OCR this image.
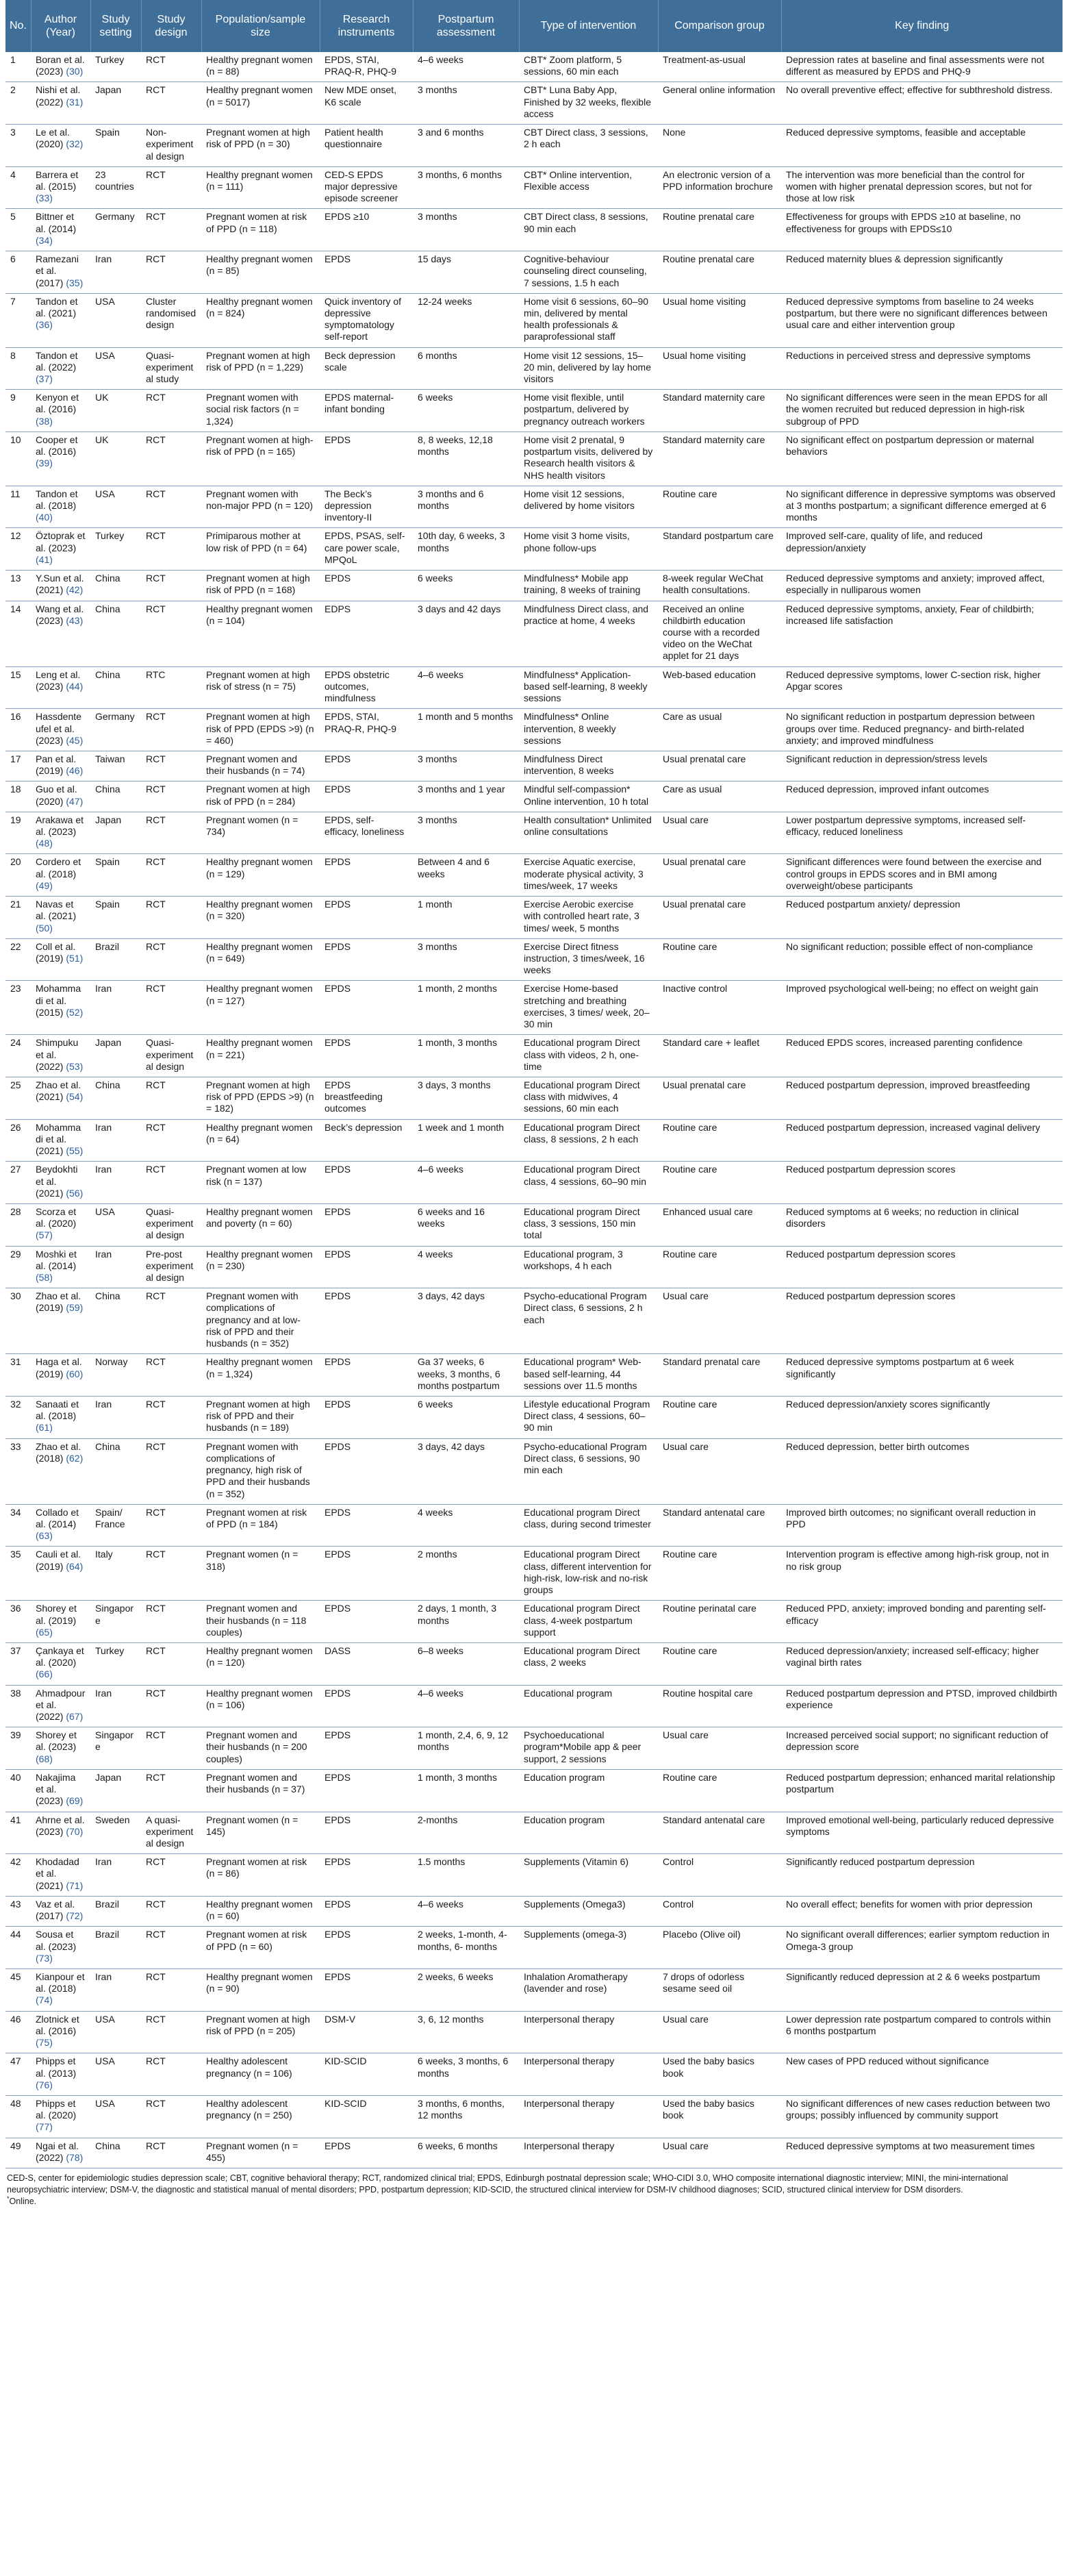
No.	Author (Year)	Study setting	Study design	Population/sample size	Research instruments	Postpartum assessment	Type of intervention	Comparison group	Key finding
1	Boran et al. (2023) (30)	Turkey	RCT	Healthy pregnant women (n = 88)	EPDS, STAI, PRAQ-R, PHQ-9	4–6 weeks	CBT* Zoom platform, 5 sessions, 60 min each	Treatment-as-usual	Depression rates at baseline and final assessments were not different as measured by EPDS and PHQ-9
2	Nishi et al. (2022) (31)	Japan	RCT	Healthy pregnant women (n = 5017)	New MDE onset, K6 scale	3 months	CBT* Luna Baby App, Finished by 32 weeks, flexible access	General online information	No overall preventive effect; effective for subthreshold distress.
3	Le et al. (2020) (32)	Spain	Non-experimental design	Pregnant women at high risk of PPD (n = 30)	Patient health questionnaire	3 and 6 months	CBT Direct class, 3 sessions, 2 h each	None	Reduced depressive symptoms, feasible and acceptable
4	Barrera et al. (2015) (33)	23 countries	RCT	Healthy pregnant women (n = 111)	CED-S EPDS major depressive episode screener	3 months, 6 months	CBT* Online intervention, Flexible access	An electronic version of a PPD information brochure	The intervention was more beneficial than the control for women with higher prenatal depression scores, but not for those at low risk
5	Bittner et al. (2014) (34)	Germany	RCT	Pregnant women at risk of PPD (n = 118)	EPDS ≥10	3 months	CBT Direct class, 8 sessions, 90 min each	Routine prenatal care	Effectiveness for groups with EPDS ≥10 at baseline, no effectiveness for groups with EPDS≤10
6	Ramezani et al. (2017) (35)	Iran	RCT	Healthy pregnant women (n = 85)	EPDS	15 days	Cognitive-behaviour counseling direct counseling, 7 sessions, 1.5 h each	Routine prenatal care	Reduced maternity blues & depression significantly
7	Tandon et al. (2021) (36)	USA	Cluster randomised design	Healthy pregnant women (n = 824)	Quick inventory of depressive symptomatology self-report	12-24 weeks	Home visit 6 sessions, 60–90 min, delivered by mental health professionals & paraprofessional staff	Usual home visiting	Reduced depressive symptoms from baseline to 24 weeks postpartum, but there were no significant differences between usual care and either intervention group
8	Tandon et al. (2022) (37)	USA	Quasi-experimental study	Pregnant women at high risk of PPD (n = 1,229)	Beck depression scale	6 months	Home visit 12 sessions, 15–20 min, delivered by lay home visitors	Usual home visiting	Reductions in perceived stress and depressive symptoms
9	Kenyon et al. (2016) (38)	UK	RCT	Pregnant women with social risk factors (n = 1,324)	EPDS maternal-infant bonding	6 weeks	Home visit flexible, until postpartum, delivered by pregnancy outreach workers	Standard maternity care	No significant differences were seen in the mean EPDS for all the women recruited but reduced depression in high-risk subgroup of PPD
10	Cooper et al. (2016) (39)	UK	RCT	Pregnant women at high-risk of PPD (n = 165)	EPDS	8, 8 weeks, 12,18 months	Home visit 2 prenatal, 9 postpartum visits, delivered by Research health visitors & NHS health visitors	Standard maternity care	No significant effect on postpartum depression or maternal behaviors
11	Tandon et al. (2018) (40)	USA	RCT	Pregnant women with non-major PPD (n = 120)	The Beck’s depression inventory-II	3 months and 6 months	Home visit 12 sessions, delivered by home visitors	Routine care	No significant difference in depressive symptoms was observed at 3 months postpartum; a significant difference emerged at 6 months
12	Öztoprak et al. (2023) (41)	Turkey	RCT	Primiparous mother at low risk of PPD (n = 64)	EPDS, PSAS, self-care power scale, MPQoL	10th day, 6 weeks, 3 months	Home visit 3 home visits, phone follow-ups	Standard postpartum care	Improved self-care, quality of life, and reduced depression/anxiety
13	Y.Sun et al. (2021) (42)	China	RCT	Pregnant women at high risk of PPD (n = 168)	EPDS	6 weeks	Mindfulness* Mobile app training, 8 weeks of training	8-week regular WeChat health consultations.	Reduced depressive symptoms and anxiety; improved affect, especially in nulliparous women
14	Wang et al. (2023) (43)	China	RCT	Healthy pregnant women (n = 104)	EDPS	3 days and 42 days	Mindfulness Direct class, and practice at home, 4 weeks	Received an online childbirth education course with a recorded video on the WeChat applet for 21 days	Reduced depressive symptoms, anxiety, Fear of childbirth; increased life satisfaction
15	Leng et al. (2023) (44)	China	RTC	Pregnant women at high risk of stress (n = 75)	EPDS obstetric outcomes, mindfulness	4–6 weeks	Mindfulness* Application-based self-learning, 8 weekly sessions	Web-based education	Reduced depressive symptoms, lower C-section risk, higher Apgar scores
16	Hassdenteufel et al. (2023) (45)	Germany	RCT	Pregnant women at high risk of PPD (EPDS >9) (n = 460)	EPDS, STAI, PRAQ-R, PHQ-9	1 month and 5 months	Mindfulness* Online intervention, 8 weekly sessions	Care as usual	No significant reduction in postpartum depression between groups over time. Reduced pregnancy- and birth-related anxiety; and improved mindfulness
17	Pan et al. (2019) (46)	Taiwan	RCT	Pregnant women and their husbands (n = 74)	EPDS	3 months	Mindfulness Direct intervention, 8 weeks	Usual prenatal care	Significant reduction in depression/stress levels
18	Guo et al. (2020) (47)	China	RCT	Pregnant women at high risk of PPD (n = 284)	EPDS	3 months and 1 year	Mindful self-compassion* Online intervention, 10 h total	Care as usual	Reduced depression, improved infant outcomes
19	Arakawa et al. (2023) (48)	Japan	RCT	Pregnant women (n = 734)	EPDS, self-efficacy, loneliness	3 months	Health consultation* Unlimited online consultations	Usual care	Lower postpartum depressive symptoms, increased self-efficacy, reduced loneliness
20	Cordero et al. (2018) (49)	Spain	RCT	Healthy pregnant women (n = 129)	EPDS	Between 4 and 6 weeks	Exercise Aquatic exercise, moderate physical activity, 3 times/week, 17 weeks	Usual prenatal care	Significant differences were found between the exercise and control groups in EPDS scores and in BMI among overweight/obese participants
21	Navas et al. (2021) (50)	Spain	RCT	Healthy pregnant women (n = 320)	EPDS	1 month	Exercise Aerobic exercise with controlled heart rate, 3 times/ week, 5 months	Usual prenatal care	Reduced postpartum anxiety/ depression
22	Coll et al. (2019) (51)	Brazil	RCT	Healthy pregnant women (n = 649)	EPDS	3 months	Exercise Direct fitness instruction, 3 times/week, 16 weeks	Routine care	No significant reduction; possible effect of non-compliance
23	Mohammadi et al. (2015) (52)	Iran	RCT	Healthy pregnant women (n = 127)	EPDS	1 month, 2 months	Exercise Home-based stretching and breathing exercises, 3 times/ week, 20–30 min	Inactive control	Improved psychological well-being; no effect on weight gain
24	Shimpuku et al. (2022) (53)	Japan	Quasi-experimental design	Healthy pregnant women (n = 221)	EPDS	1 month, 3 months	Educational program Direct class with videos, 2 h, one-time	Standard care + leaflet	Reduced EPDS scores, increased parenting confidence
25	Zhao et al. (2021) (54)	China	RCT	Pregnant women at high risk of PPD (EPDS >9) (n = 182)	EPDS breastfeeding outcomes	3 days, 3 months	Educational program Direct class with midwives, 4 sessions, 60 min each	Usual prenatal care	Reduced postpartum depression, improved breastfeeding
26	Mohammadi et al. (2021) (55)	Iran	RCT	Healthy pregnant women (n = 64)	Beck’s depression	1 week and 1 month	Educational program Direct class, 8 sessions, 2 h each	Routine care	Reduced postpartum depression, increased vaginal delivery
27	Beydokhti et al. (2021) (56)	Iran	RCT	Pregnant women at low risk (n = 137)	EPDS	4–6 weeks	Educational program Direct class, 4 sessions, 60–90 min	Routine care	Reduced postpartum depression scores
28	Scorza et al. (2020) (57)	USA	Quasi-experimental design	Healthy pregnant women and poverty (n = 60)	EPDS	6 weeks and 16 weeks	Educational program Direct class, 3 sessions, 150 min total	Enhanced usual care	Reduced symptoms at 6 weeks; no reduction in clinical disorders
29	Moshki et al. (2014) (58)	Iran	Pre-post experimental design	Healthy pregnant women (n = 230)	EPDS	4 weeks	Educational program, 3 workshops, 4 h each	Routine care	Reduced postpartum depression scores
30	Zhao et al. (2019) (59)	China	RCT	Pregnant women with complications of pregnancy and at low- risk of PPD and their husbands (n = 352)	EPDS	3 days, 42 days	Psycho-educational Program Direct class, 6 sessions, 2 h each	Usual care	Reduced postpartum depression scores
31	Haga et al. (2019) (60)	Norway	RCT	Healthy pregnant women (n = 1,324)	EPDS	Ga 37 weeks, 6 weeks, 3 months, 6 months postpartum	Educational program* Web-based self-learning, 44 sessions over 11.5 months	Standard prenatal care	Reduced depressive symptoms postpartum at 6 week significantly
32	Sanaati et al. (2018) (61)	Iran	RCT	Pregnant women at high risk of PPD and their husbands (n = 189)	EPDS	6 weeks	Lifestyle educational Program Direct class, 4 sessions, 60–90 min	Routine care	Reduced depression/anxiety scores significantly
33	Zhao et al. (2018) (62)	China	RCT	Pregnant women with complications of pregnancy, high risk of PPD and their husbands (n = 352)	EPDS	3 days, 42 days	Psycho-educational Program Direct class, 6 sessions, 90 min each	Usual care	Reduced depression, better birth outcomes
34	Collado et al. (2014) (63)	Spain/ France	RCT	Pregnant women at risk of PPD (n = 184)	EPDS	4 weeks	Educational program Direct class, during second trimester	Standard antenatal care	Improved birth outcomes; no significant overall reduction in PPD
35	Cauli et al. (2019) (64)	Italy	RCT	Pregnant women (n = 318)	EPDS	2 months	Educational program Direct class, different intervention for high-risk, low-risk and no-risk groups	Routine care	Intervention program is effective among high-risk group, not in no risk group
36	Shorey et al. (2019) (65)	Singapore	RCT	Pregnant women and their husbands (n = 118 couples)	EPDS	2 days, 1 month, 3 months	Educational program Direct class, 4-week postpartum support	Routine perinatal care	Reduced PPD, anxiety; improved bonding and parenting self-efficacy
37	Çankaya et al. (2020) (66)	Turkey	RCT	Healthy pregnant women (n = 120)	DASS	6–8 weeks	Educational program Direct class, 2 weeks	Routine care	Reduced depression/anxiety; increased self-efficacy; higher vaginal birth rates
38	Ahmadpour et al. (2022) (67)	Iran	RCT	Healthy pregnant women (n = 106)	EPDS	4–6 weeks	Educational program	Routine hospital care	Reduced postpartum depression and PTSD, improved childbirth experience
39	Shorey et al. (2023) (68)	Singapore	RCT	Pregnant women and their husbands (n = 200 couples)	EPDS	1 month, 2,4, 6, 9, 12 months	Psychoeducational program*Mobile app & peer support, 2 sessions	Usual care	Increased perceived social support; no significant reduction of depression score
40	Nakajima et al. (2023) (69)	Japan	RCT	Pregnant women and their husbands (n = 37)	EPDS	1 month, 3 months	Education program	Routine care	Reduced postpartum depression; enhanced marital relationship postpartum
41	Ahrne et al. (2023) (70)	Sweden	A quasi-experimental design	Pregnant women (n = 145)	EPDS	2-months	Education program	Standard antenatal care	Improved emotional well-being, particularly reduced depressive symptoms
42	Khodadad et al. (2021) (71)	Iran	RCT	Pregnant women at risk (n = 86)	EPDS	1.5 months	Supplements (Vitamin 6)	Control	Significantly reduced postpartum depression
43	Vaz et al. (2017) (72)	Brazil	RCT	Healthy pregnant women (n = 60)	EPDS	4–6 weeks	Supplements (Omega3)	Control	No overall effect; benefits for women with prior depression
44	Sousa et al. (2023) (73)	Brazil	RCT	Pregnant women at risk of PPD (n = 60)	EPDS	2 weeks, 1-month, 4-months, 6- months	Supplements (omega-3)	Placebo (Olive oil)	No significant overall differences; earlier symptom reduction in Omega-3 group
45	Kianpour et al. (2018) (74)	Iran	RCT	Healthy pregnant women (n = 90)	EPDS	2 weeks, 6 weeks	Inhalation Aromatherapy (lavender and rose)	7 drops of odorless sesame seed oil	Significantly reduced depression at 2 & 6 weeks postpartum
46	Zlotnick et al. (2016) (75)	USA	RCT	Pregnant women at high risk of PPD (n = 205)	DSM-V	3, 6, 12 months	Interpersonal therapy	Usual care	Lower depression rate postpartum compared to controls within 6 months postpartum
47	Phipps et al. (2013) (76)	USA	RCT	Healthy adolescent pregnancy (n = 106)	KID-SCID	6 weeks, 3 months, 6 months	Interpersonal therapy	Used the baby basics book	New cases of PPD reduced without significance
48	Phipps et al. (2020) (77)	USA	RCT	Healthy adolescent pregnancy (n = 250)	KID-SCID	3 months, 6 months, 12 months	Interpersonal therapy	Used the baby basics book	No significant differences of new cases reduction between two groups; possibly influenced by community support
49	Ngai et al. (2022) (78)	China	RCT	Pregnant women (n = 455)	EPDS	6 weeks, 6 months	Interpersonal therapy	Usual care	Reduced depressive symptoms at two measurement times

CED-S, center for epidemiologic studies depression scale; CBT, cognitive behavioral therapy; RCT, randomized clinical trial; EPDS, Edinburgh postnatal depression scale; WHO-CIDI 3.0, WHO composite international diagnostic interview; MINI, the mini-international neuropsychiatric interview; DSM-V, the diagnostic and statistical manual of mental disorders; PPD, postpartum depression; KID-SCID, the structured clinical interview for DSM-IV childhood diagnoses; SCID, structured clinical interview for DSM disorders.

*Online.
